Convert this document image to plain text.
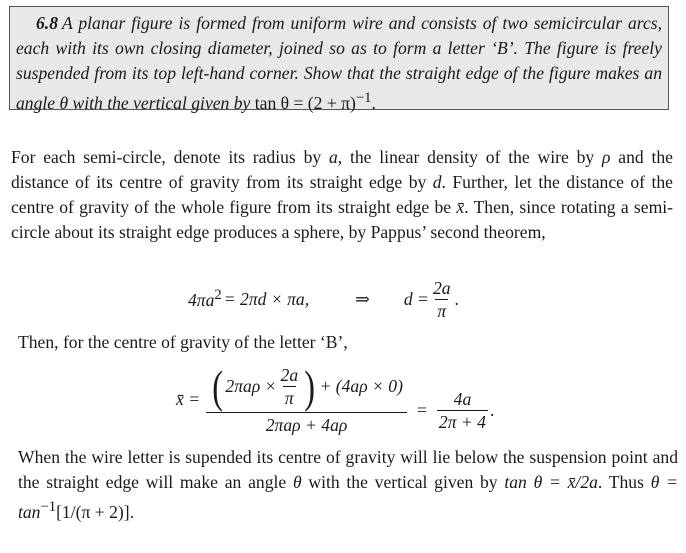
6.8 A planar figure is formed from uniform wire and consists of two semicircular arcs, each with its own closing diameter, joined so as to form a letter ‘B’. The figure is freely suspended from its top left-hand corner. Show that the straight edge of the figure makes an angle θ with the vertical given by $\tan \theta = (2 + \pi)^{-1}$.

For each semi-circle, denote its radius by a, the linear density of the wire by ρ and the distance of its centre of gravity from its straight edge by d. Further, let the distance of the centre of gravity of the whole figure from its straight edge be x̄. Then, since rotating a semi-circle about its straight edge produces a sphere, by Pappus’ second theorem,

$4\pi a^2 = 2\pi d \times \pi a$,	⇒ $d = \frac{2a}{\pi}$ .
Then, for the centre of gravity of the letter ‘B’,
x̄ = ( $2\pi a\rho \times \frac{2a}{\pi}$ ) + (4aρ × 0)
2πaρ + 4aρ
= $\frac{4a}{2\pi + 4}$ .
When the wire letter is supended its centre of gravity will lie below the suspension point and the straight edge will make an angle θ with the vertical given by tan θ = x̄/2a. Thus $\theta = \tan^{-1}[1/(\pi + 2)]$.
